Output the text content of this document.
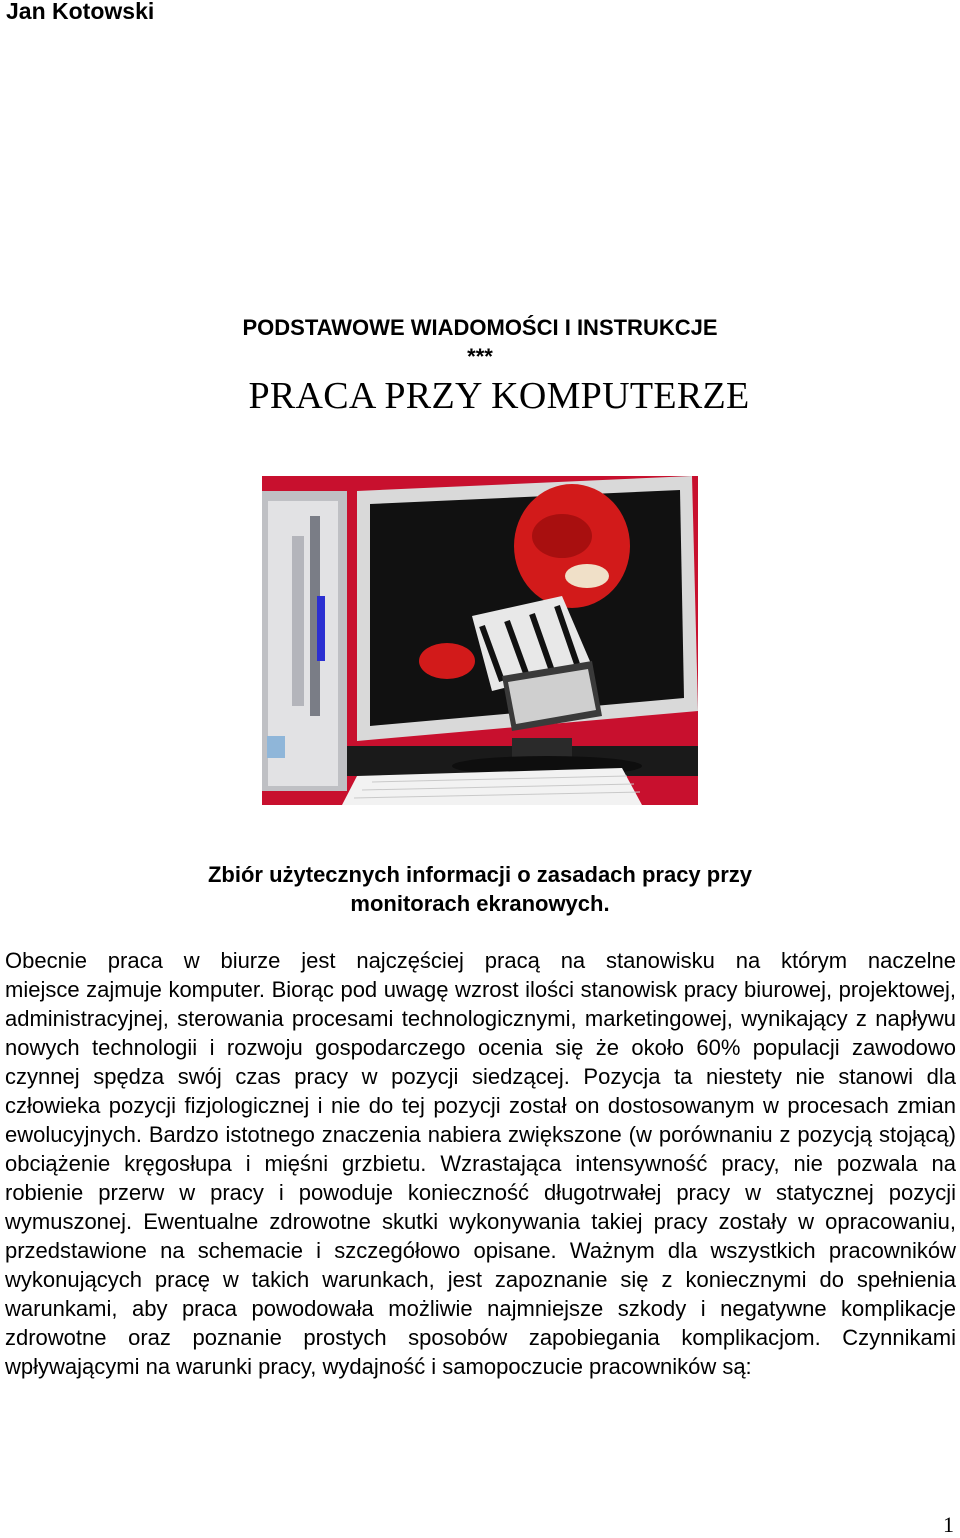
Jan Kotowski
PODSTAWOWE WIADOMOŚCI I INSTRUKCJE
***
PRACA PRZY KOMPUTERZE
Zbiór użytecznych informacji o zasadach pracy przy
monitorach ekranowych.
Obecnie praca w biurze jest najczęściej pracą na stanowisku na którym naczelne
miejsce zajmuje komputer. Biorąc pod uwagę wzrost ilości stanowisk pracy biurowej, projektowej, administracyjnej, sterowania procesami technologicznymi, marketingowej, wynikający z napływu nowych technologii i rozwoju gospodarczego ocenia się że około 60% populacji zawodowo czynnej spędza swój czas pracy w pozycji siedzącej. Pozycja ta niestety nie stanowi dla człowieka pozycji fizjologicznej i nie do tej pozycji został on dostosowanym w procesach zmian ewolucyjnych. Bardzo istotnego znaczenia nabiera zwiększone (w porównaniu z pozycją stojącą) obciążenie kręgosłupa i mięśni grzbietu. Wzrastająca intensywność pracy, nie pozwala na robienie przerw w pracy i powoduje konieczność długotrwałej pracy w statycznej pozycji wymuszonej. Ewentualne zdrowotne skutki wykonywania takiej pracy zostały w opracowaniu, przedstawione na schemacie i szczegółowo opisane. Ważnym dla wszystkich pracowników wykonujących pracę w takich warunkach, jest zapoznanie się z koniecznymi do spełnienia warunkami, aby praca powodowała możliwie najmniejsze szkody i negatywne komplikacje zdrowotne oraz poznanie prostych sposobów zapobiegania komplikacjom. Czynnikami wpływającymi na warunki pracy, wydajność i samopoczucie pracowników są:
1
